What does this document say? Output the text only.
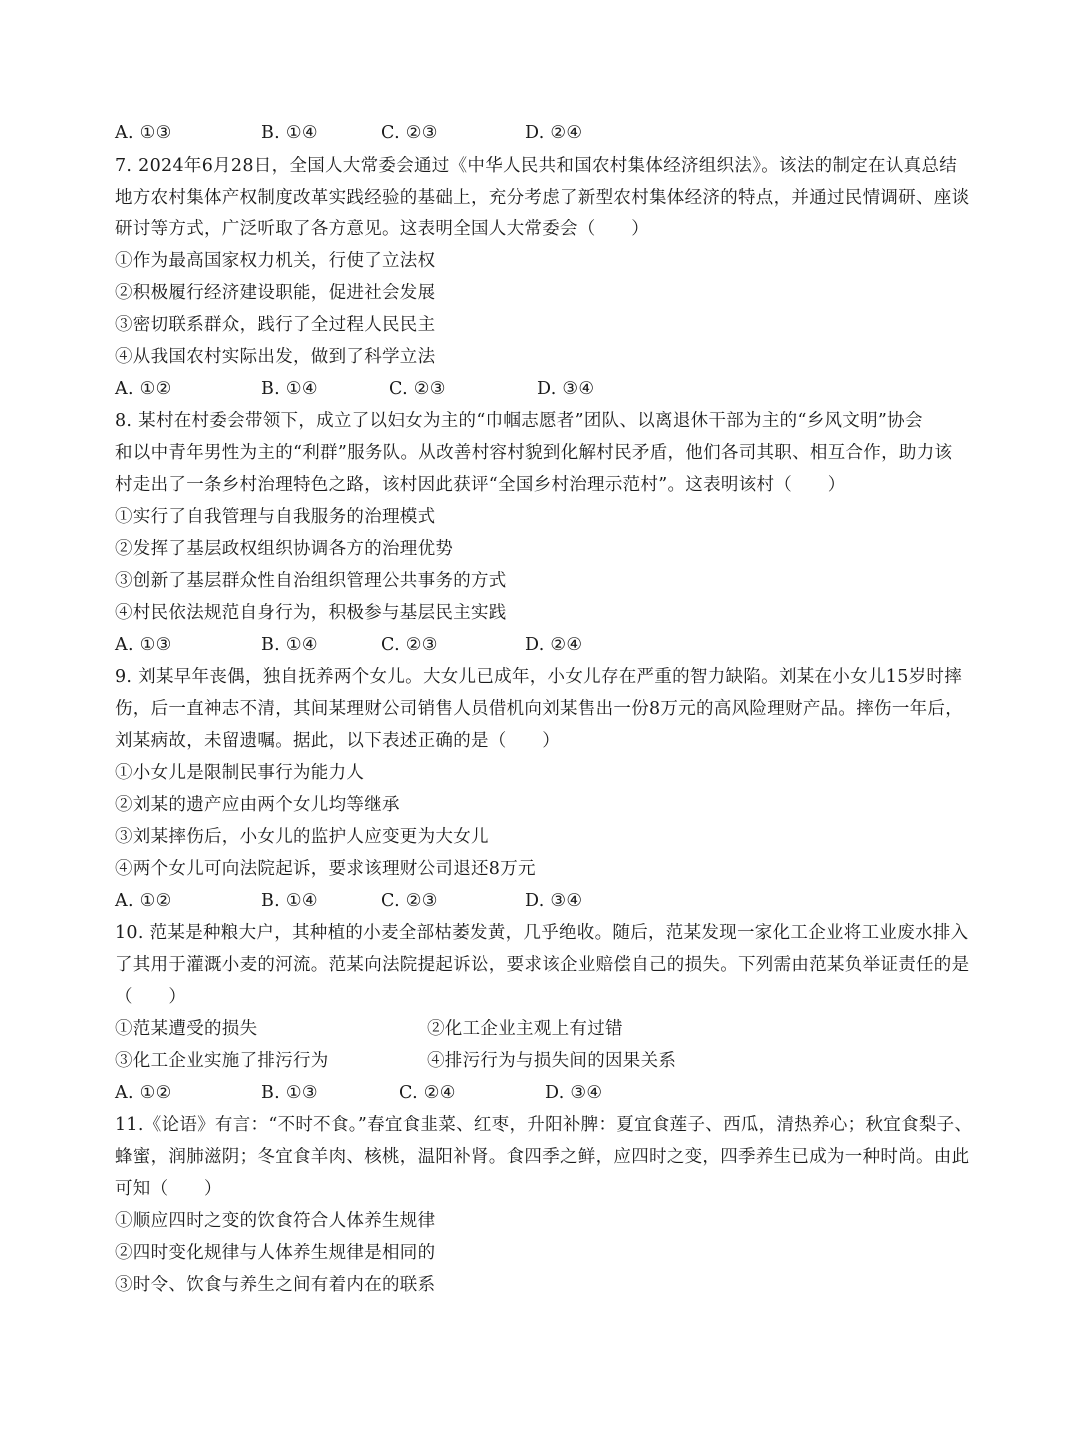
A. ①③	B. ①④	C. ②③	D. ②④
7. 2024年6月28日，全国人大常委会通过《中华人民共和国农村集体经济组织法》。该法的制定在认真总结
地方农村集体产权制度改革实践经验的基础上，充分考虑了新型农村集体经济的特点，并通过民情调研、座谈
研讨等方式，广泛听取了各方意见。这表明全国人大常委会（　　）
①作为最高国家权力机关，行使了立法权
②积极履行经济建设职能，促进社会发展
③密切联系群众，践行了全过程人民民主
④从我国农村实际出发，做到了科学立法
A. ①②	B. ①④	C. ②③	D. ③④
8. 某村在村委会带领下，成立了以妇女为主的“巾帼志愿者”团队、以离退休干部为主的“乡风文明”协会
和以中青年男性为主的“利群”服务队。从改善村容村貌到化解村民矛盾，他们各司其职、相互合作，助力该
村走出了一条乡村治理特色之路，该村因此获评“全国乡村治理示范村”。这表明该村（　　）
①实行了自我管理与自我服务的治理模式
②发挥了基层政权组织协调各方的治理优势
③创新了基层群众性自治组织管理公共事务的方式
④村民依法规范自身行为，积极参与基层民主实践
A. ①③	B. ①④	C. ②③	D. ②④
9. 刘某早年丧偶，独自抚养两个女儿。大女儿已成年，小女儿存在严重的智力缺陷。刘某在小女儿15岁时摔
伤，后一直神志不清，其间某理财公司销售人员借机向刘某售出一份8万元的高风险理财产品。摔伤一年后，
刘某病故，未留遗嘱。据此，以下表述正确的是（　　）
①小女儿是限制民事行为能力人
②刘某的遗产应由两个女儿均等继承
③刘某摔伤后，小女儿的监护人应变更为大女儿
④两个女儿可向法院起诉，要求该理财公司退还8万元
A. ①②	B. ①④	C. ②③	D. ③④
10. 范某是种粮大户，其种植的小麦全部枯萎发黄，几乎绝收。随后，范某发现一家化工企业将工业废水排入
了其用于灌溉小麦的河流。范某向法院提起诉讼，要求该企业赔偿自己的损失。下列需由范某负举证责任的是
（　　）
①范某遭受的损失	②化工企业主观上有过错
③化工企业实施了排污行为	④排污行为与损失间的因果关系
A. ①②	B. ①③	C. ②④	D. ③④
11.《论语》有言：“不时不食。”春宜食韭菜、红枣，升阳补脾：夏宜食莲子、西瓜，清热养心；秋宜食梨子、
蜂蜜，润肺滋阴；冬宜食羊肉、核桃，温阳补肾。食四季之鲜，应四时之变，四季养生已成为一种时尚。由此
可知（　　）
①顺应四时之变的饮食符合人体养生规律
②四时变化规律与人体养生规律是相同的
③时令、饮食与养生之间有着内在的联系
